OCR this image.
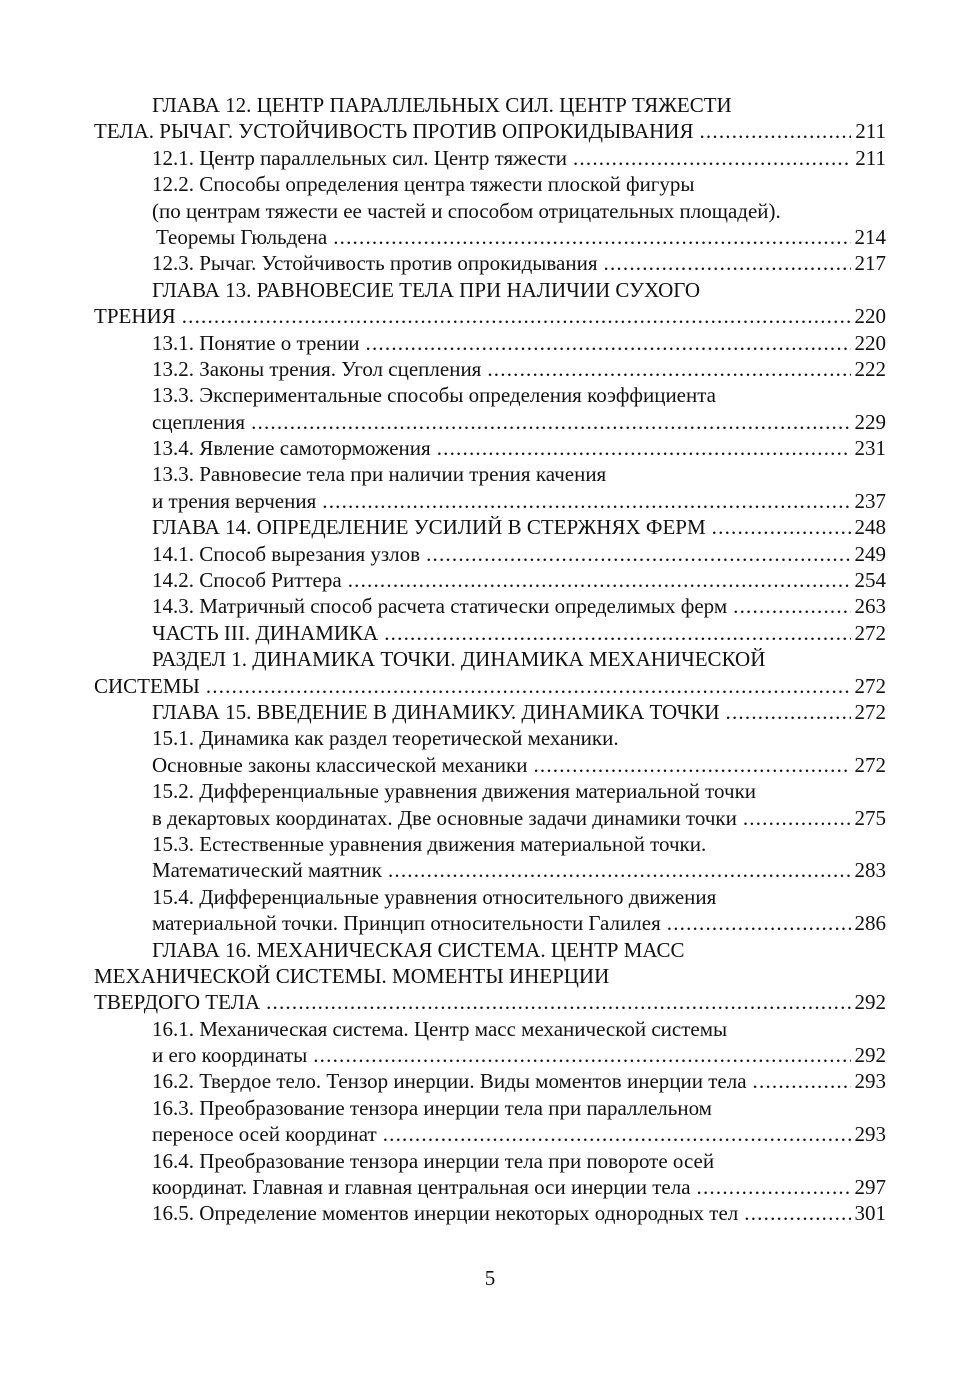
ГЛАВА 12. ЦЕНТР ПАРАЛЛЕЛЬНЫХ СИЛ. ЦЕНТР ТЯЖЕСТИ
ТЕЛА. РЫЧАГ. УСТОЙЧИВОСТЬ ПРОТИВ ОПРОКИДЫВАНИЯ .....	211
12.1. Центр параллельных сил. Центр тяжести .....	211
12.2. Способы определения центра тяжести плоской фигуры
(по центрам тяжести ее частей и способом отрицательных площадей).
Теоремы Гюльдена .....	214
12.3. Рычаг. Устойчивость против опрокидывания .....	217
ГЛАВА 13. РАВНОВЕСИЕ ТЕЛА ПРИ НАЛИЧИИ СУХОГО
ТРЕНИЯ .....	220
13.1. Понятие о трении .....	220
13.2. Законы трения. Угол сцепления .....	222
13.3. Экспериментальные способы определения коэффициента
сцепления .....	229
13.4. Явление самоторможения .....	231
13.3. Равновесие тела при наличии трения качения
и трения верчения .....	237
ГЛАВА 14. ОПРЕДЕЛЕНИЕ УСИЛИЙ В СТЕРЖНЯХ ФЕРМ .....	248
14.1. Способ вырезания узлов .....	249
14.2. Способ Риттера .....	254
14.3. Матричный способ расчета статически определимых ферм .....	263
ЧАСТЬ III. ДИНАМИКА .....	272
РАЗДЕЛ 1. ДИНАМИКА ТОЧКИ. ДИНАМИКА МЕХАНИЧЕСКОЙ
СИСТЕМЫ .....	272
ГЛАВА 15. ВВЕДЕНИЕ В ДИНАМИКУ. ДИНАМИКА ТОЧКИ .....	272
15.1. Динамика как раздел теоретической механики.
Основные законы классической механики .....	272
15.2. Дифференциальные уравнения движения материальной точки
в декартовых координатах. Две основные задачи динамики точки .....	275
15.3. Естественные уравнения движения материальной точки.
Математический маятник .....	283
15.4. Дифференциальные уравнения относительного движения
материальной точки. Принцип относительности Галилея .....	286
ГЛАВА 16. МЕХАНИЧЕСКАЯ СИСТЕМА. ЦЕНТР МАСС
МЕХАНИЧЕСКОЙ СИСТЕМЫ. МОМЕНТЫ ИНЕРЦИИ
ТВЕРДОГО ТЕЛА .....	292
16.1. Механическая система. Центр масс механической системы
и его координаты .....	292
16.2. Твердое тело. Тензор инерции. Виды моментов инерции тела .....	293
16.3. Преобразование тензора инерции тела при параллельном
переносе осей координат .....	293
16.4. Преобразование тензора инерции тела при повороте осей
координат. Главная и главная центральная оси инерции тела .....	297
16.5. Определение моментов инерции некоторых однородных тел .....	301
5
